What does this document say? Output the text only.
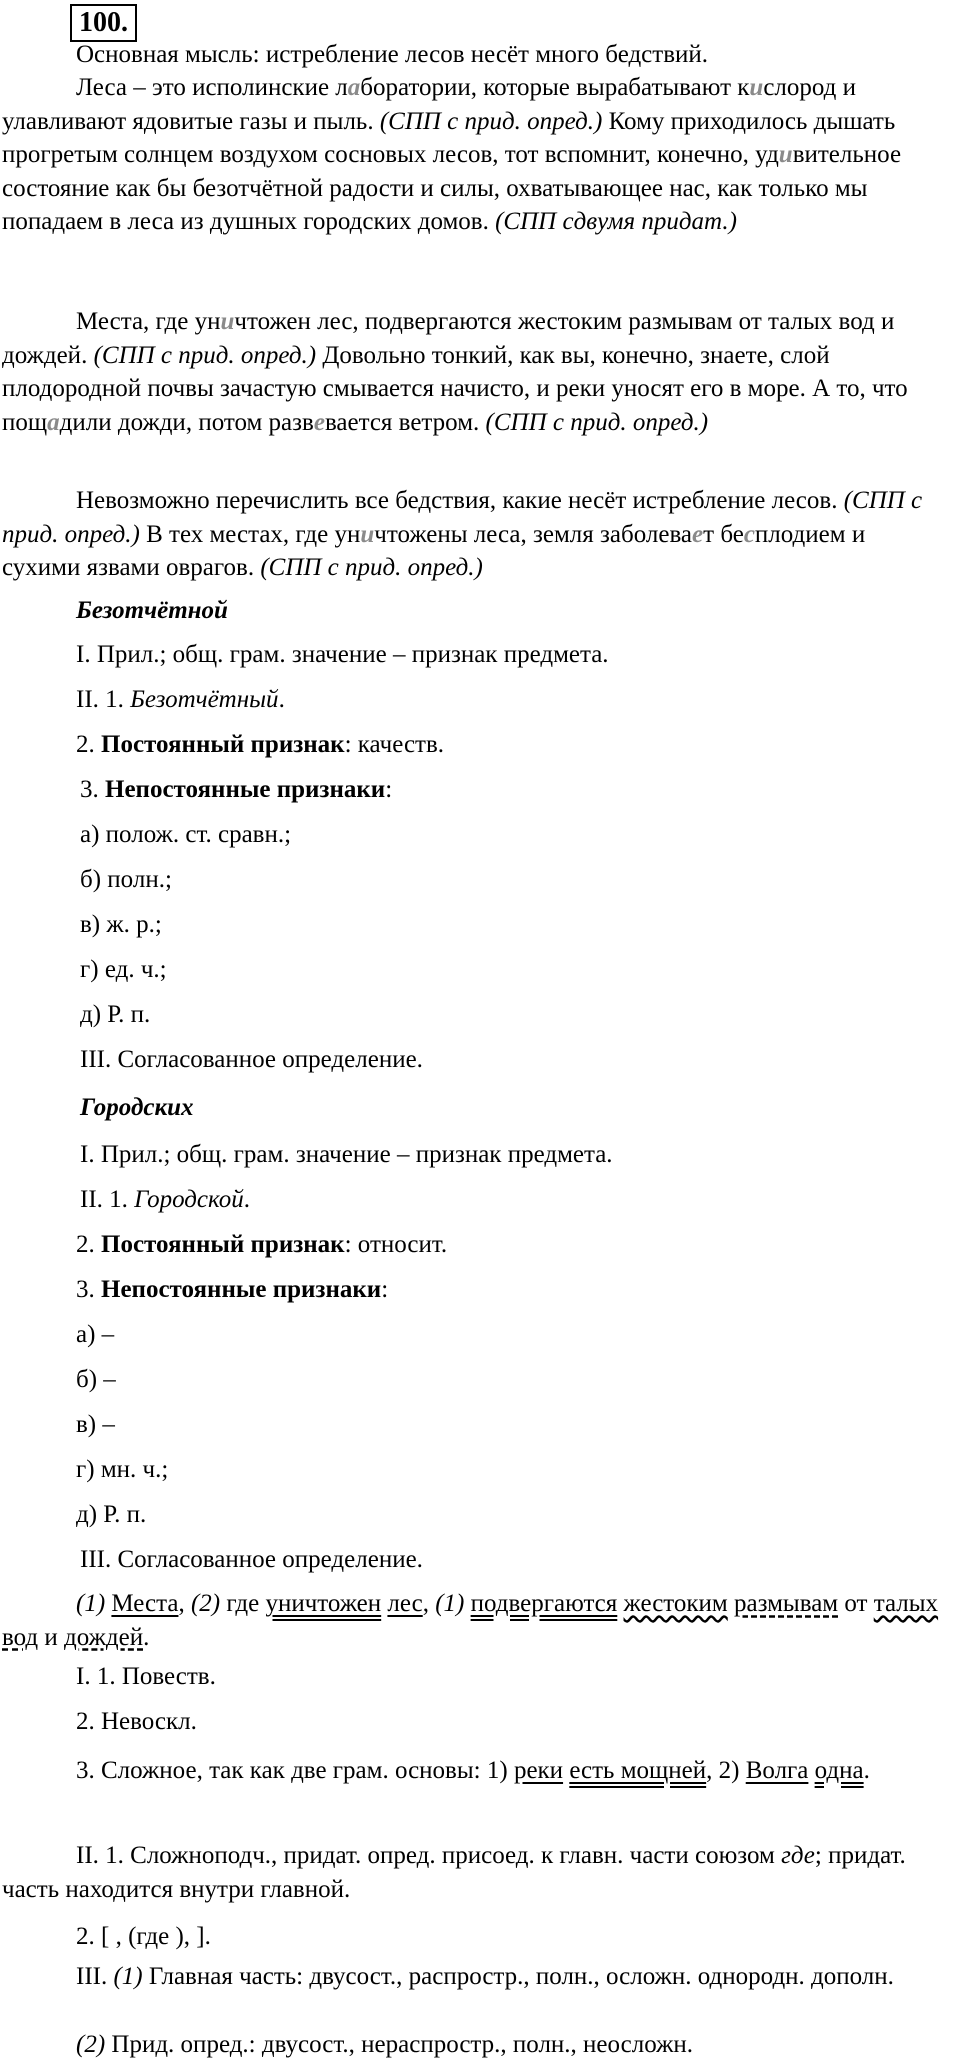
100.
Основная мысль: истребление лесов несёт много бедствий.
Леса – это исполинские лаборатории, которые вырабатывают кислород и улавливают ядовитые газы и пыль. (СПП с прид. опред.) Кому приходилось дышать прогретым солнцем воздухом сосновых лесов, тот вспомнит, конечно, удивительное состояние как бы безотчётной радости и силы, охватывающее нас, как только мы попадаем в леса из душных городских домов. (СПП сдвумя придат.)
Места, где уничтожен лес, подвергаются жестоким размывам от талых вод и дождей. (СПП с прид. опред.) Довольно тонкий, как вы, конечно, знаете, слой плодородной почвы зачастую смывается начисто, и реки уносят его в море. А то, что пощадили дожди, потом развевается ветром. (СПП с прид. опред.)
Невозможно перечислить все бедствия, какие несёт истребление лесов. (СПП с прид. опред.) В тех местах, где уничтожены леса, земля заболевает бесплодием и сухими язвами оврагов. (СПП с прид. опред.)
Безотчётной
I. Прил.; общ. грам. значение – признак предмета.
II. 1. Безотчётный.
2. Постоянный признак: качеств.
3. Непостоянные признаки:
а) полож. ст. сравн.;
б) полн.;
в) ж. р.;
г) ед. ч.;
д) Р. п.
III. Согласованное определение.
Городских
I. Прил.; общ. грам. значение – признак предмета.
II. 1. Городской.
2. Постоянный признак: относит.
3. Непостоянные признаки:
а) –
б) –
в) –
г) мн. ч.;
д) Р. п.
III. Согласованное определение.
(1) Места, (2) где уничтожен лес, (1) подвергаются жестоким размывам от талых вод и дождей.
I. 1. Повеств.
2. Невоскл.
3. Сложное, так как две грам. основы: 1) реки есть мощней, 2) Волга одна.
II. 1. Сложноподч., придат. опред. присоед. к главн. части союзом где; придат. часть находится внутри главной.
2. [ , (где ), ].
III. (1) Главная часть: двусост., распростр., полн., осложн. однородн. дополн.
(2) Прид. опред.: двусост., нераспростр., полн., неосложн.
